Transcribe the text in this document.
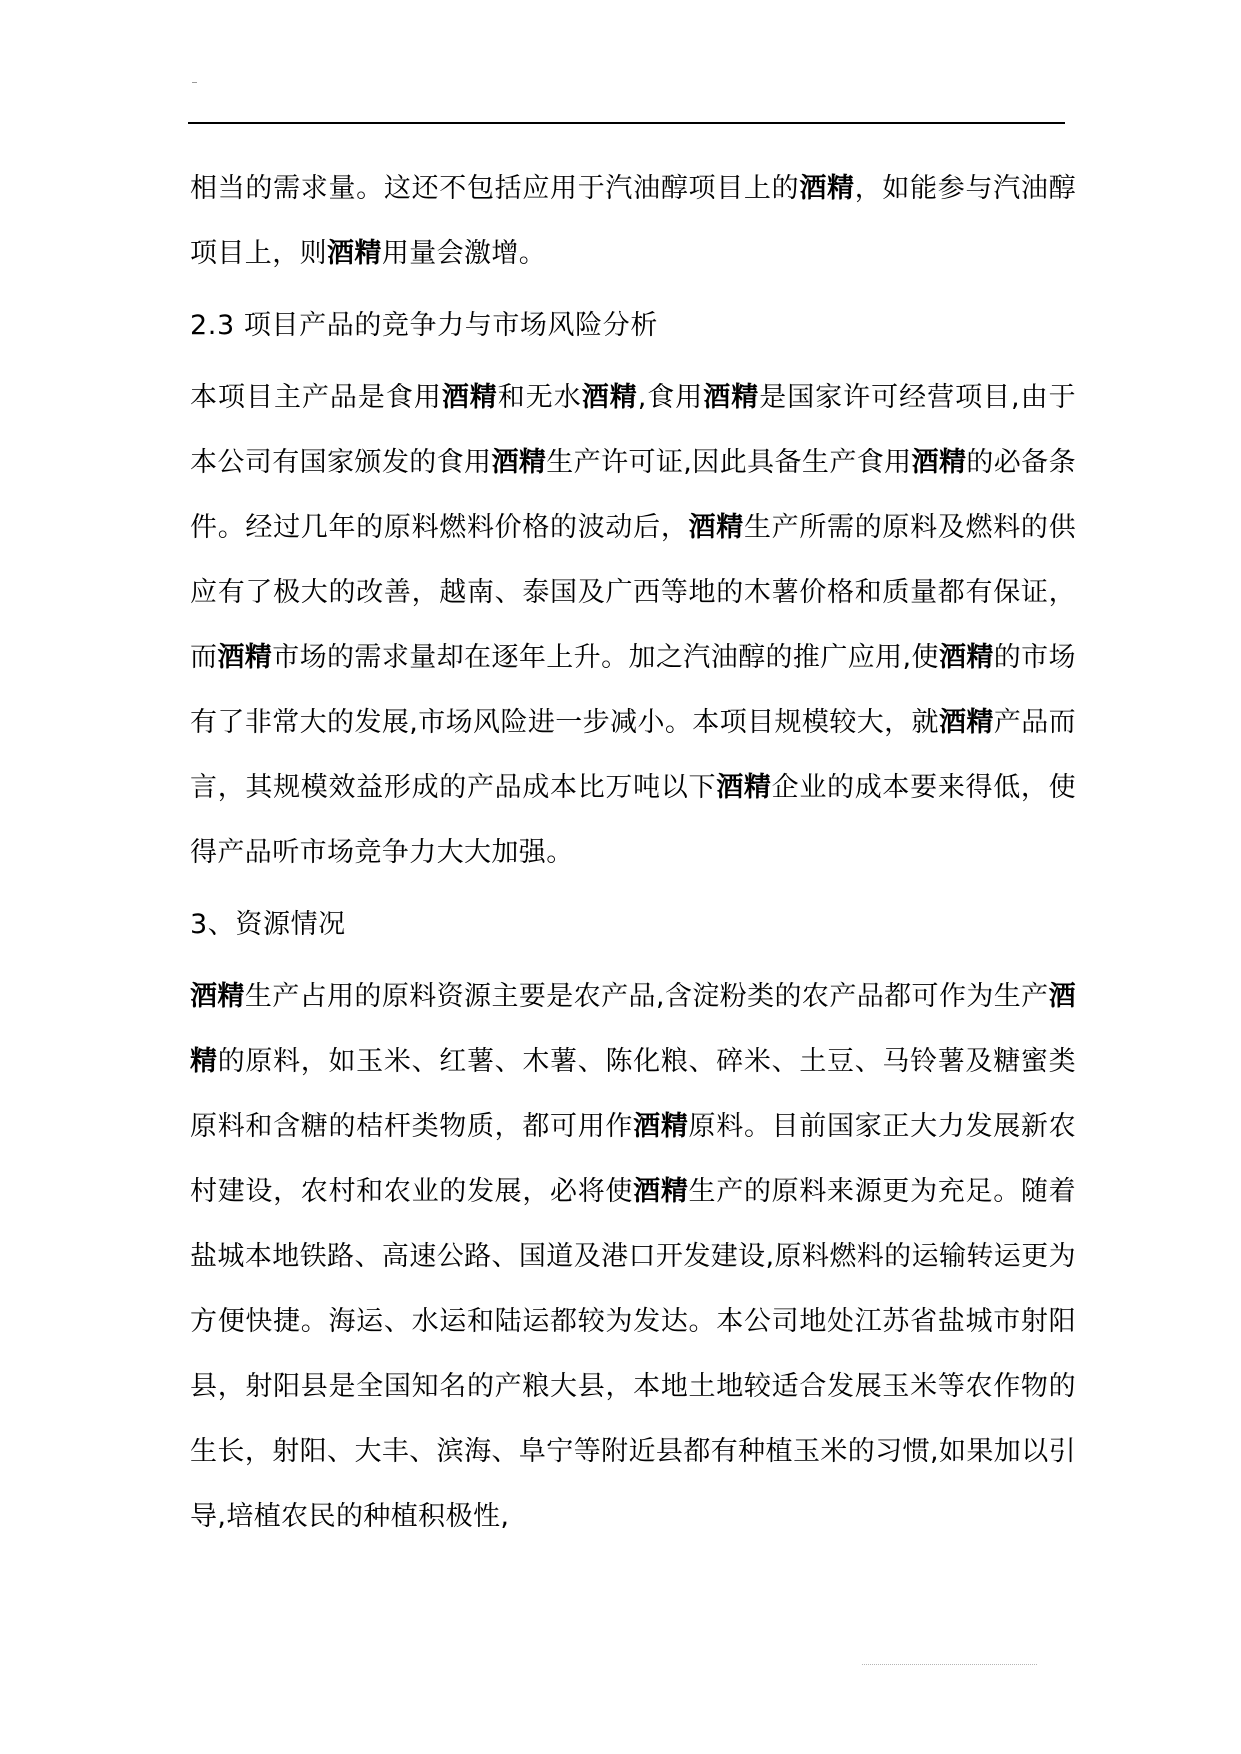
相当的需求量。这还不包括应用于汽油醇项目上的酒精，如能参与汽油醇项目上，则酒精用量会激增。

2.3 项目产品的竞争力与市场风险分析

本项目主产品是食用酒精和无水酒精,食用酒精是国家许可经营项目,由于本公司有国家颁发的食用酒精生产许可证,因此具备生产食用酒精的必备条件。经过几年的原料燃料价格的波动后，酒精生产所需的原料及燃料的供应有了极大的改善，越南、泰国及广西等地的木薯价格和质量都有保证，而酒精市场的需求量却在逐年上升。加之汽油醇的推广应用,使酒精的市场有了非常大的发展,市场风险进一步减小。本项目规模较大，就酒精产品而言，其规模效益形成的产品成本比万吨以下酒精企业的成本要来得低，使得产品听市场竞争力大大加强。

3、资源情况

酒精生产占用的原料资源主要是农产品,含淀粉类的农产品都可作为生产酒精的原料，如玉米、红薯、木薯、陈化粮、碎米、土豆、马铃薯及糖蜜类原料和含糖的桔杆类物质，都可用作酒精原料。目前国家正大力发展新农村建设，农村和农业的发展，必将使酒精生产的原料来源更为充足。随着盐城本地铁路、高速公路、国道及港口开发建设,原料燃料的运输转运更为方便快捷。海运、水运和陆运都较为发达。本公司地处江苏省盐城市射阳县，射阳县是全国知名的产粮大县，本地土地较适合发展玉米等农作物的生长，射阳、大丰、滨海、阜宁等附近县都有种植玉米的习惯,如果加以引导,培植农民的种植积极性,
